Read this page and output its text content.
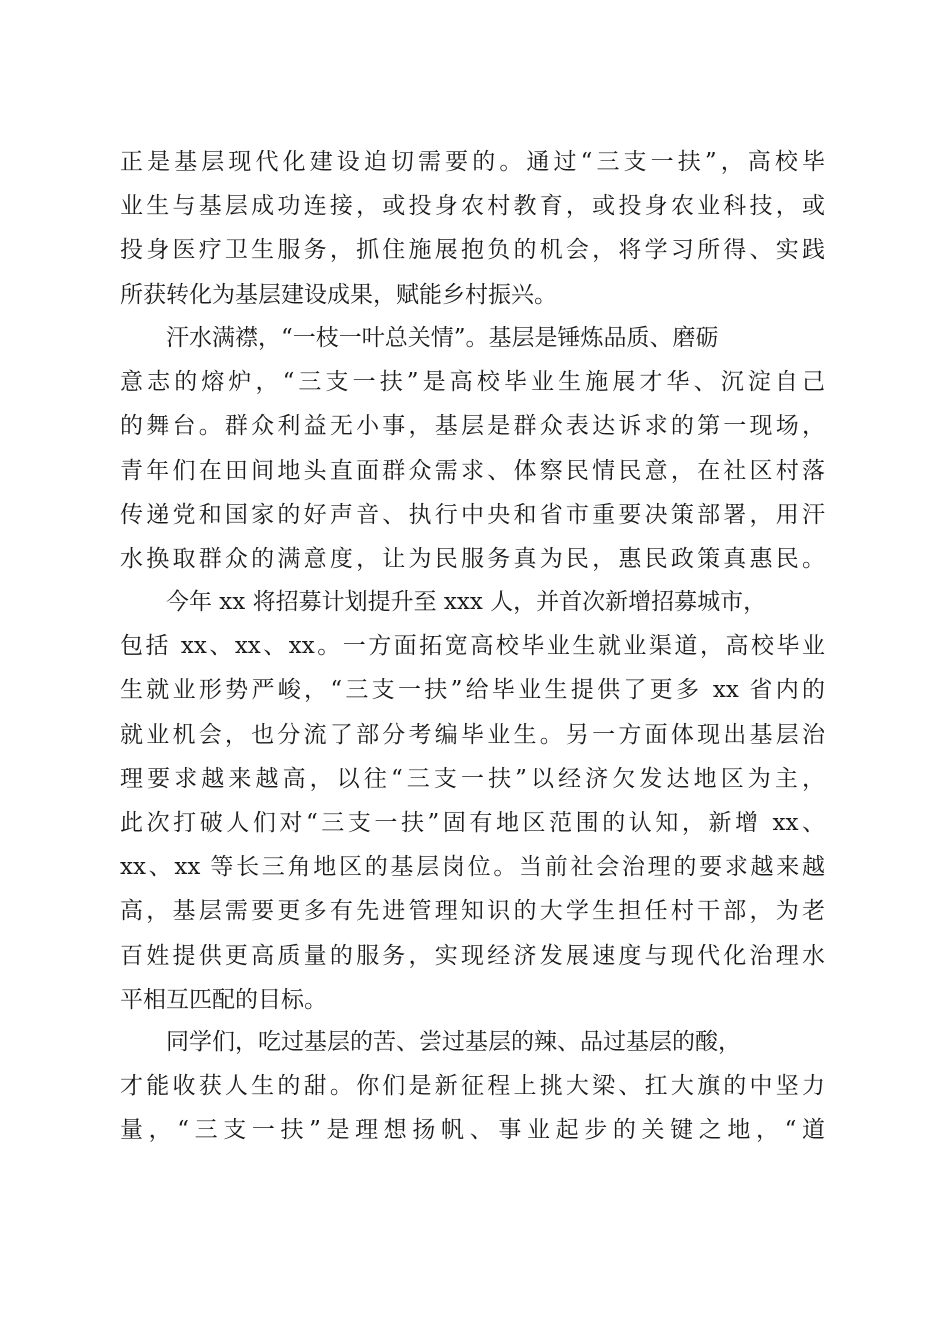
正是基层现代化建设迫切需要的。通过“三支一扶”，高校毕
业生与基层成功连接，或投身农村教育，或投身农业科技，或
投身医疗卫生服务，抓住施展抱负的机会，将学习所得、实践
所获转化为基层建设成果，赋能乡村振兴。
汗水满襟，“一枝一叶总关情”。基层是锤炼品质、磨砺
意志的熔炉，“三支一扶”是高校毕业生施展才华、沉淀自己
的舞台。群众利益无小事，基层是群众表达诉求的第一现场，
青年们在田间地头直面群众需求、体察民情民意，在社区村落
传递党和国家的好声音、执行中央和省市重要决策部署，用汗
水换取群众的满意度，让为民服务真为民，惠民政策真惠民。
今年 xx 将招募计划提升至 xxx 人，并首次新增招募城市，
包括 xx、xx、xx。一方面拓宽高校毕业生就业渠道，高校毕业
生就业形势严峻，“三支一扶”给毕业生提供了更多 xx 省内的
就业机会，也分流了部分考编毕业生。另一方面体现出基层治
理要求越来越高，以往“三支一扶”以经济欠发达地区为主，
此次打破人们对“三支一扶”固有地区范围的认知，新增 xx、
xx、xx 等长三角地区的基层岗位。当前社会治理的要求越来越
高，基层需要更多有先进管理知识的大学生担任村干部，为老
百姓提供更高质量的服务，实现经济发展速度与现代化治理水
平相互匹配的目标。
同学们，吃过基层的苦、尝过基层的辣、品过基层的酸，
才能收获人生的甜。你们是新征程上挑大梁、扛大旗的中坚力
量，“三支一扶”是理想扬帆、事业起步的关键之地，“道
